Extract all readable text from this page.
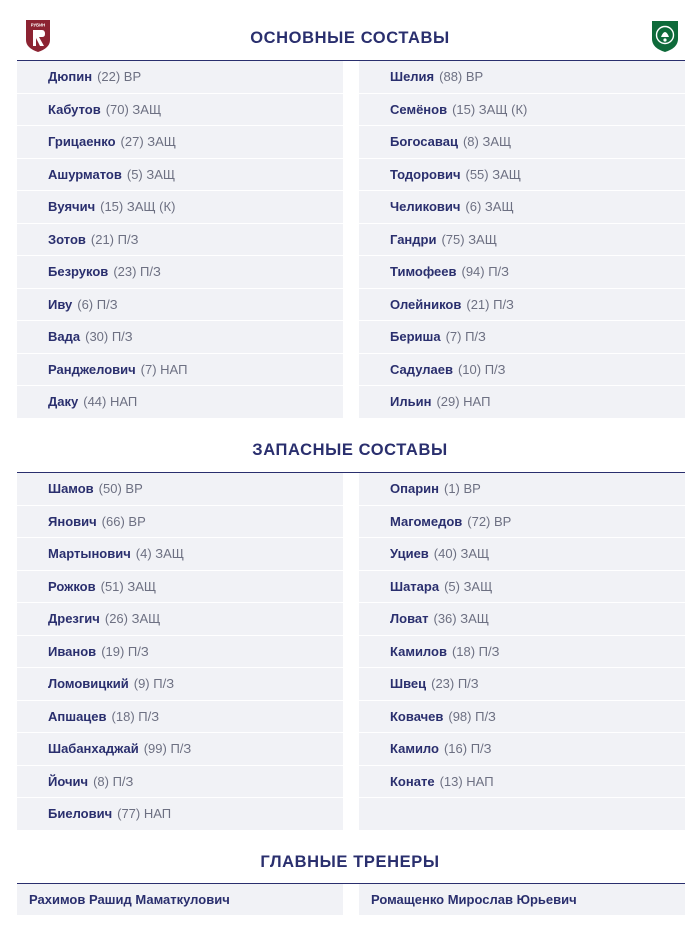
РУБИН
ОСНОВНЫЕ СОСТАВЫ
Дюпин (22) ВР
Кабутов (70) ЗАЩ
Грицаенко (27) ЗАЩ
Ашурматов (5) ЗАЩ
Вуячич (15) ЗАЩ (К)
Зотов (21) П/З
Безруков (23) П/З
Иву (6) П/З
Вада (30) П/З
Ранджелович (7) НАП
Даку (44) НАП
Шелия (88) ВР
Семёнов (15) ЗАЩ (К)
Богосавац (8) ЗАЩ
Тодорович (55) ЗАЩ
Челикович (6) ЗАЩ
Гандри (75) ЗАЩ
Тимофеев (94) П/З
Олейников (21) П/З
Бериша (7) П/З
Садулаев (10) П/З
Ильин (29) НАП
ЗАПАСНЫЕ СОСТАВЫ
Шамов (50) ВР
Янович (66) ВР
Мартынович (4) ЗАЩ
Рожков (51) ЗАЩ
Дрезгич (26) ЗАЩ
Иванов (19) П/З
Ломовицкий (9) П/З
Апшацев (18) П/З
Шабанхаджай (99) П/З
Йочич (8) П/З
Биелович (77) НАП
Опарин (1) ВР
Магомедов (72) ВР
Уциев (40) ЗАЩ
Шатара (5) ЗАЩ
Ловат (36) ЗАЩ
Камилов (18) П/З
Швец (23) П/З
Ковачев (98) П/З
Камило (16) П/З
Конате (13) НАП
ГЛАВНЫЕ ТРЕНЕРЫ
Рахимов Рашид Маматкулович	Ромащенко Мирослав Юрьевич
